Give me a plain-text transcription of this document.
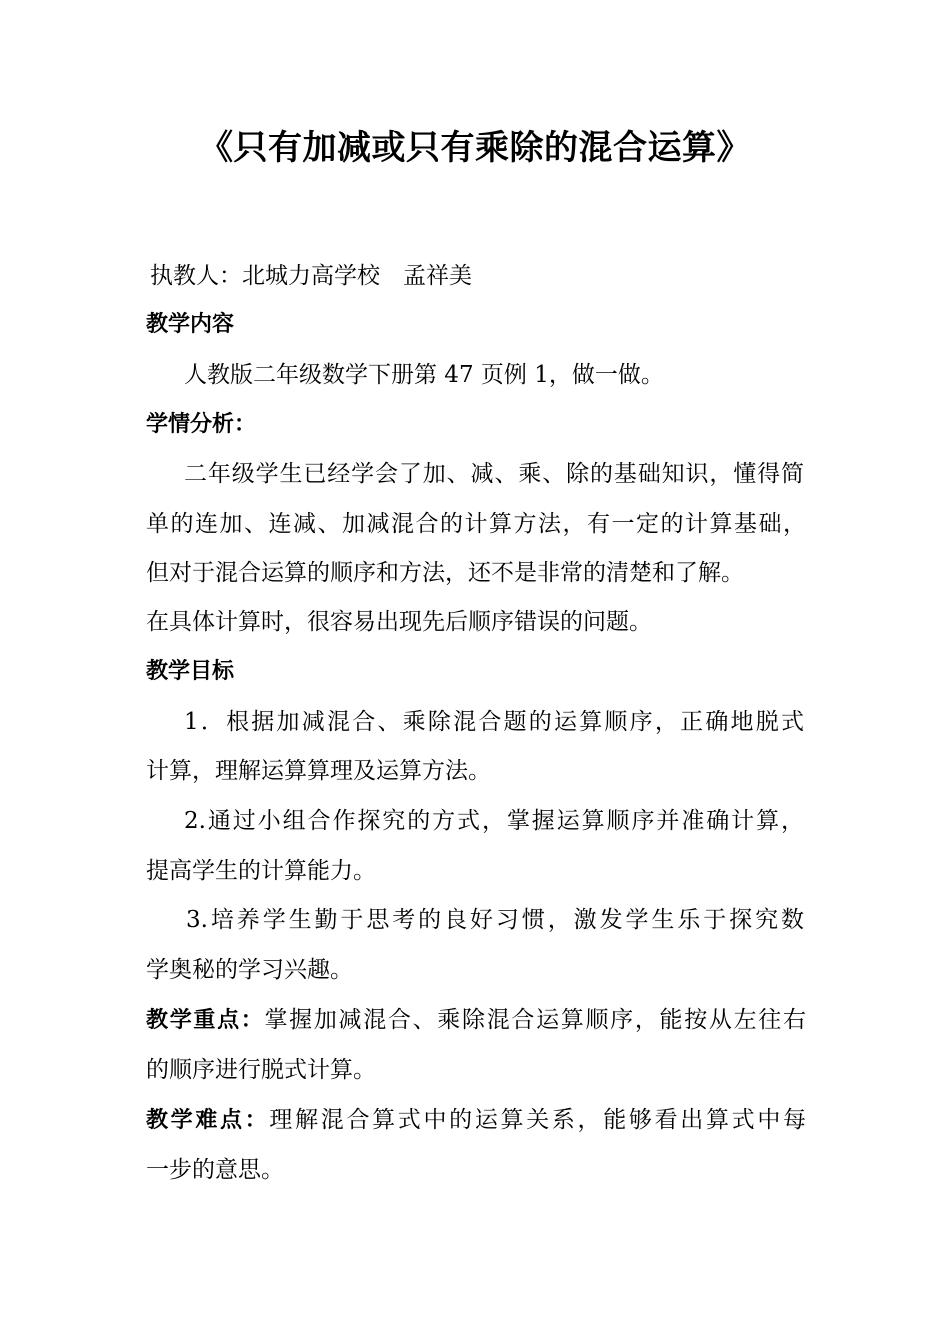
《只有加减或只有乘除的混合运算》
执教人：北城力高学校　孟祥美
教学内容
人教版二年级数学下册第 47 页例 1，做一做。
学情分析：
二年级学生已经学会了加、减、乘、除的基础知识，懂得简
单的连加、连减、加减混合的计算方法，有一定的计算基础，
但对于混合运算的顺序和方法，还不是非常的清楚和了解。
在具体计算时，很容易出现先后顺序错误的问题。
教学目标
1．根据加减混合、乘除混合题的运算顺序，正确地脱式
计算，理解运算算理及运算方法。
2.通过小组合作探究的方式，掌握运算顺序并准确计算，
提高学生的计算能力。
3.培养学生勤于思考的良好习惯，激发学生乐于探究数
学奥秘的学习兴趣。
教学重点：掌握加减混合、乘除混合运算顺序，能按从左往右
的顺序进行脱式计算。
教学难点：理解混合算式中的运算关系，能够看出算式中每
一步的意思。
